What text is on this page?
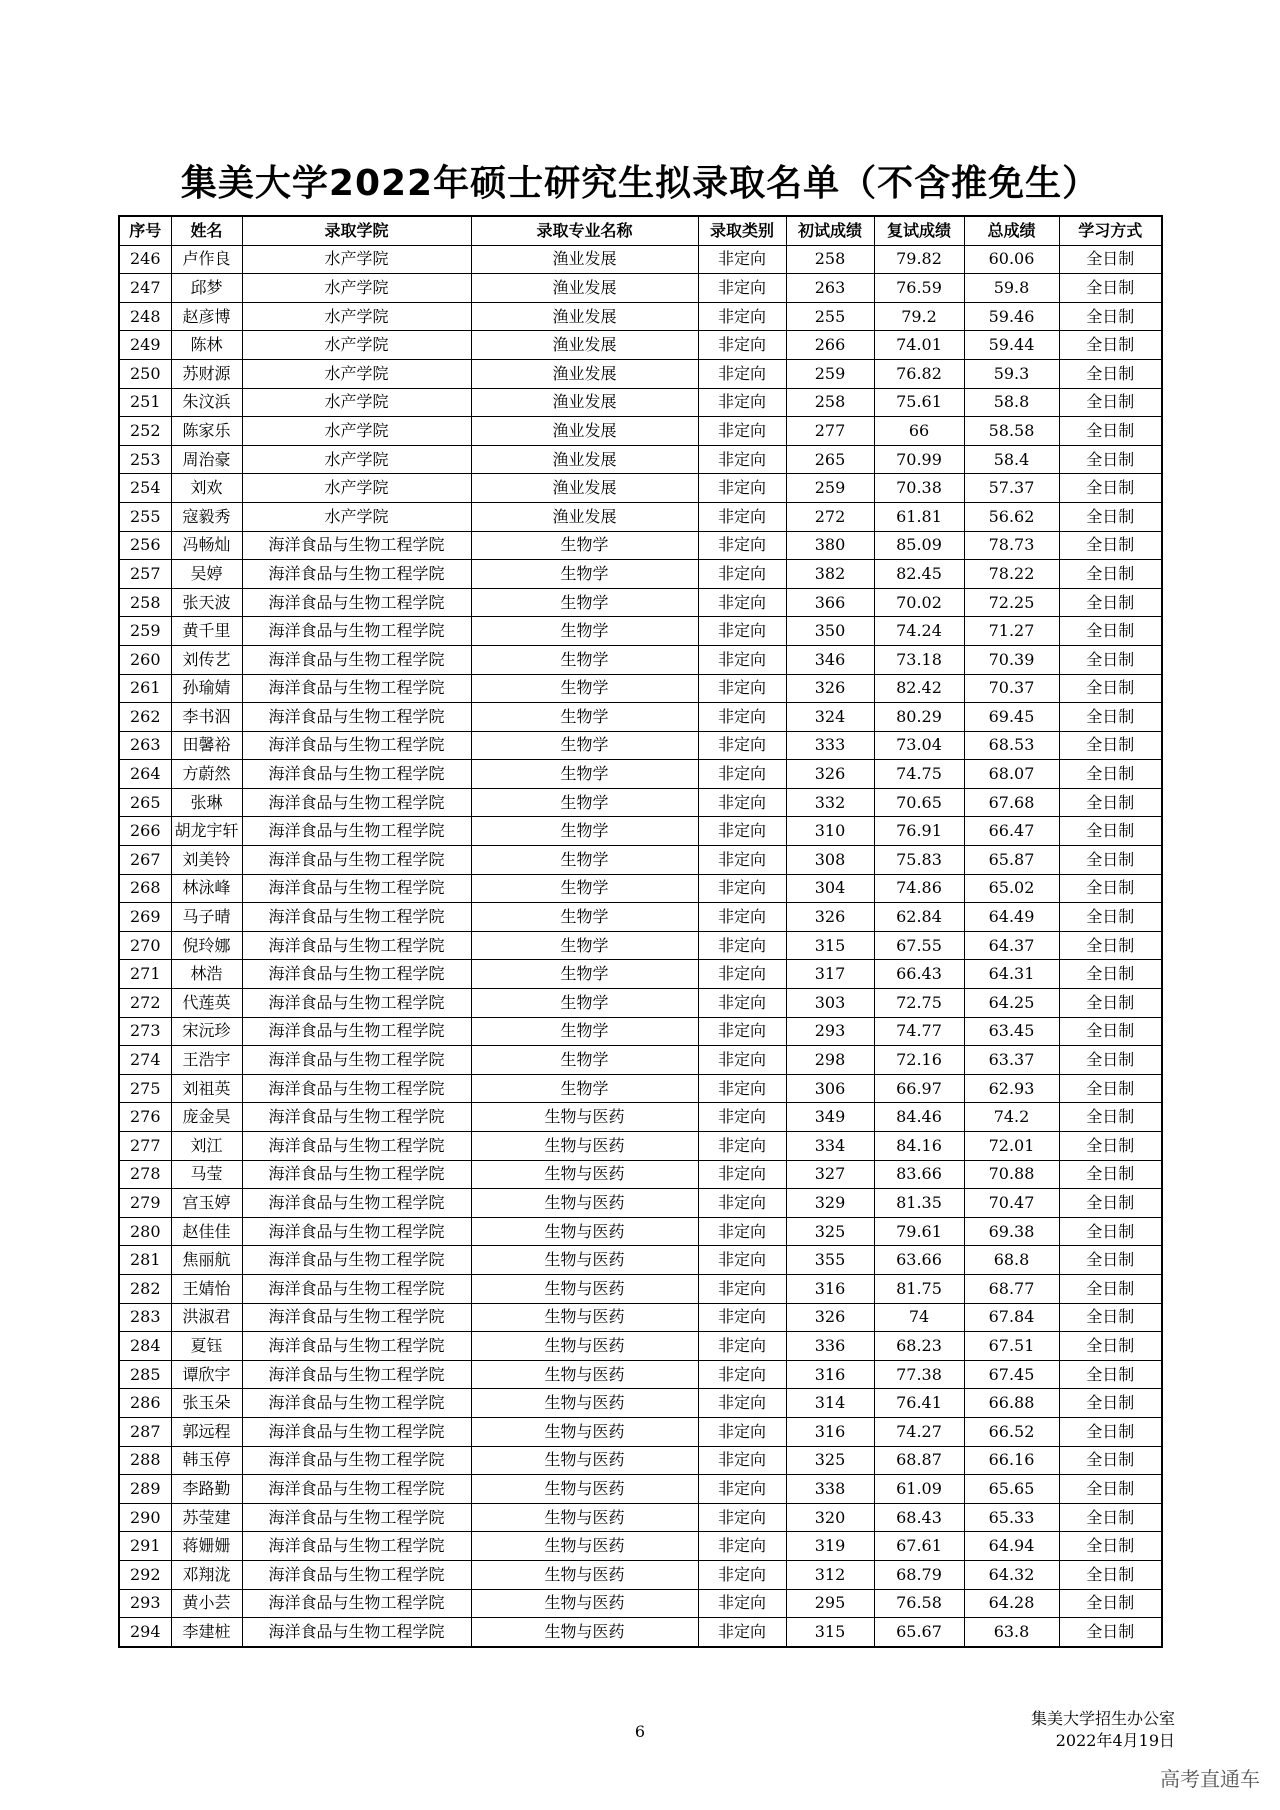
集美大学2022年硕士研究生拟录取名单（不含推免生）
序号	姓名	录取学院	录取专业名称	录取类别	初试成绩	复试成绩	总成绩	学习方式
246	卢作良	水产学院	渔业发展	非定向	258	79.82	60.06	全日制
247	邱梦	水产学院	渔业发展	非定向	263	76.59	59.8	全日制
248	赵彦博	水产学院	渔业发展	非定向	255	79.2	59.46	全日制
249	陈林	水产学院	渔业发展	非定向	266	74.01	59.44	全日制
250	苏财源	水产学院	渔业发展	非定向	259	76.82	59.3	全日制
251	朱汶浜	水产学院	渔业发展	非定向	258	75.61	58.8	全日制
252	陈家乐	水产学院	渔业发展	非定向	277	66	58.58	全日制
253	周治豪	水产学院	渔业发展	非定向	265	70.99	58.4	全日制
254	刘欢	水产学院	渔业发展	非定向	259	70.38	57.37	全日制
255	寇毅秀	水产学院	渔业发展	非定向	272	61.81	56.62	全日制
256	冯畅灿	海洋食品与生物工程学院	生物学	非定向	380	85.09	78.73	全日制
257	吴婷	海洋食品与生物工程学院	生物学	非定向	382	82.45	78.22	全日制
258	张天波	海洋食品与生物工程学院	生物学	非定向	366	70.02	72.25	全日制
259	黄千里	海洋食品与生物工程学院	生物学	非定向	350	74.24	71.27	全日制
260	刘传艺	海洋食品与生物工程学院	生物学	非定向	346	73.18	70.39	全日制
261	孙瑜婧	海洋食品与生物工程学院	生物学	非定向	326	82.42	70.37	全日制
262	李书泅	海洋食品与生物工程学院	生物学	非定向	324	80.29	69.45	全日制
263	田馨裕	海洋食品与生物工程学院	生物学	非定向	333	73.04	68.53	全日制
264	方蔚然	海洋食品与生物工程学院	生物学	非定向	326	74.75	68.07	全日制
265	张琳	海洋食品与生物工程学院	生物学	非定向	332	70.65	67.68	全日制
266	胡龙宇轩	海洋食品与生物工程学院	生物学	非定向	310	76.91	66.47	全日制
267	刘美铃	海洋食品与生物工程学院	生物学	非定向	308	75.83	65.87	全日制
268	林泳峰	海洋食品与生物工程学院	生物学	非定向	304	74.86	65.02	全日制
269	马子晴	海洋食品与生物工程学院	生物学	非定向	326	62.84	64.49	全日制
270	倪玲娜	海洋食品与生物工程学院	生物学	非定向	315	67.55	64.37	全日制
271	林浩	海洋食品与生物工程学院	生物学	非定向	317	66.43	64.31	全日制
272	代莲英	海洋食品与生物工程学院	生物学	非定向	303	72.75	64.25	全日制
273	宋沅珍	海洋食品与生物工程学院	生物学	非定向	293	74.77	63.45	全日制
274	王浩宇	海洋食品与生物工程学院	生物学	非定向	298	72.16	63.37	全日制
275	刘祖英	海洋食品与生物工程学院	生物学	非定向	306	66.97	62.93	全日制
276	庞金昊	海洋食品与生物工程学院	生物与医药	非定向	349	84.46	74.2	全日制
277	刘江	海洋食品与生物工程学院	生物与医药	非定向	334	84.16	72.01	全日制
278	马莹	海洋食品与生物工程学院	生物与医药	非定向	327	83.66	70.88	全日制
279	宫玉婷	海洋食品与生物工程学院	生物与医药	非定向	329	81.35	70.47	全日制
280	赵佳佳	海洋食品与生物工程学院	生物与医药	非定向	325	79.61	69.38	全日制
281	焦丽航	海洋食品与生物工程学院	生物与医药	非定向	355	63.66	68.8	全日制
282	王婧怡	海洋食品与生物工程学院	生物与医药	非定向	316	81.75	68.77	全日制
283	洪淑君	海洋食品与生物工程学院	生物与医药	非定向	326	74	67.84	全日制
284	夏钰	海洋食品与生物工程学院	生物与医药	非定向	336	68.23	67.51	全日制
285	谭欣宇	海洋食品与生物工程学院	生物与医药	非定向	316	77.38	67.45	全日制
286	张玉朵	海洋食品与生物工程学院	生物与医药	非定向	314	76.41	66.88	全日制
287	郭远程	海洋食品与生物工程学院	生物与医药	非定向	316	74.27	66.52	全日制
288	韩玉停	海洋食品与生物工程学院	生物与医药	非定向	325	68.87	66.16	全日制
289	李路勤	海洋食品与生物工程学院	生物与医药	非定向	338	61.09	65.65	全日制
290	苏莹建	海洋食品与生物工程学院	生物与医药	非定向	320	68.43	65.33	全日制
291	蒋姗姗	海洋食品与生物工程学院	生物与医药	非定向	319	67.61	64.94	全日制
292	邓翔泷	海洋食品与生物工程学院	生物与医药	非定向	312	68.79	64.32	全日制
293	黄小芸	海洋食品与生物工程学院	生物与医药	非定向	295	76.58	64.28	全日制
294	李建桩	海洋食品与生物工程学院	生物与医药	非定向	315	65.67	63.8	全日制
6
集美大学招生办公室
2022年4月19日
高考直通车
